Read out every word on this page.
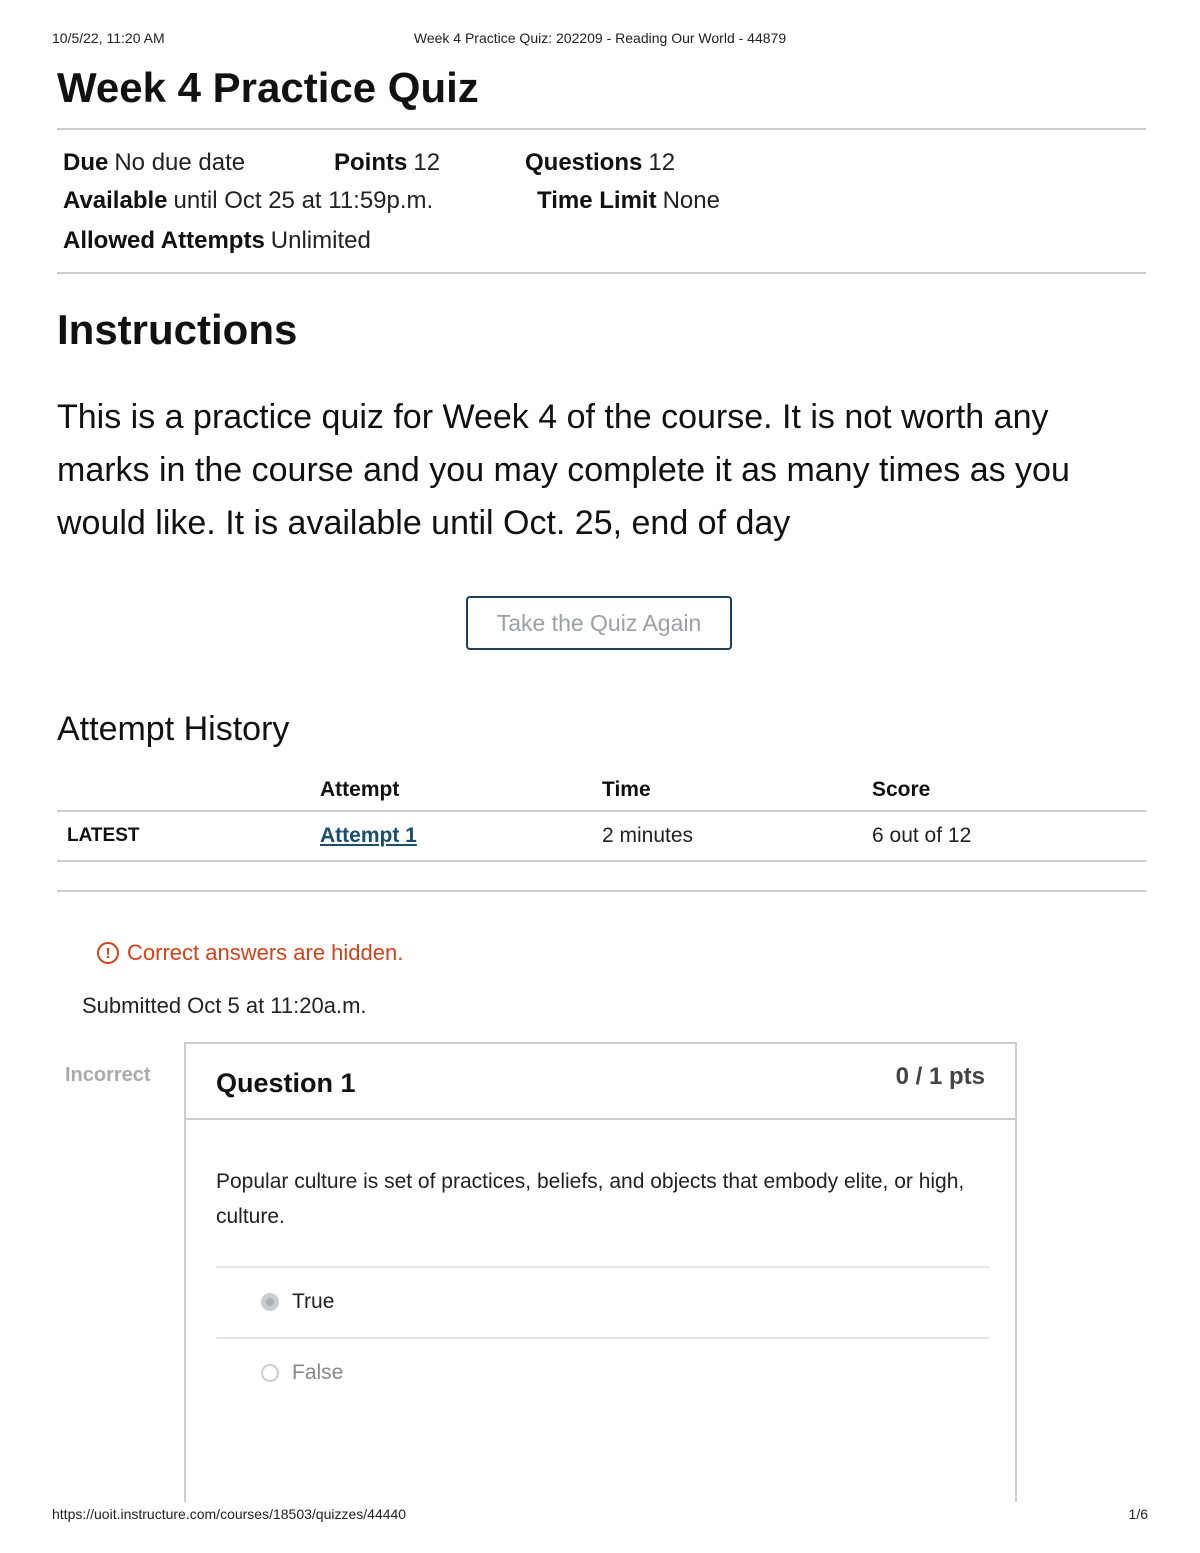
10/5/22, 11:20 AM	Week 4 Practice Quiz: 202209 - Reading Our World - 44879
Week 4 Practice Quiz
Due No due date	Points 12	Questions 12
Available until Oct 25 at 11:59p.m.	Time Limit None
Allowed Attempts Unlimited
Instructions

This is a practice quiz for Week 4 of the course. It is not worth any marks in the course and you may complete it as many times as you would like. It is available until Oct. 25, end of day

Take the Quiz Again
Attempt History
	Attempt	Time	Score
LATEST	Attempt 1	2 minutes	6 out of 12
! Correct answers are hidden.
Submitted Oct 5 at 11:20a.m.
Incorrect Question 1	0 / 1 pts

Popular culture is set of practices, beliefs, and objects that embody elite, or high, culture.

True
False
https://uoit.instructure.com/courses/18503/quizzes/44440	1/6
